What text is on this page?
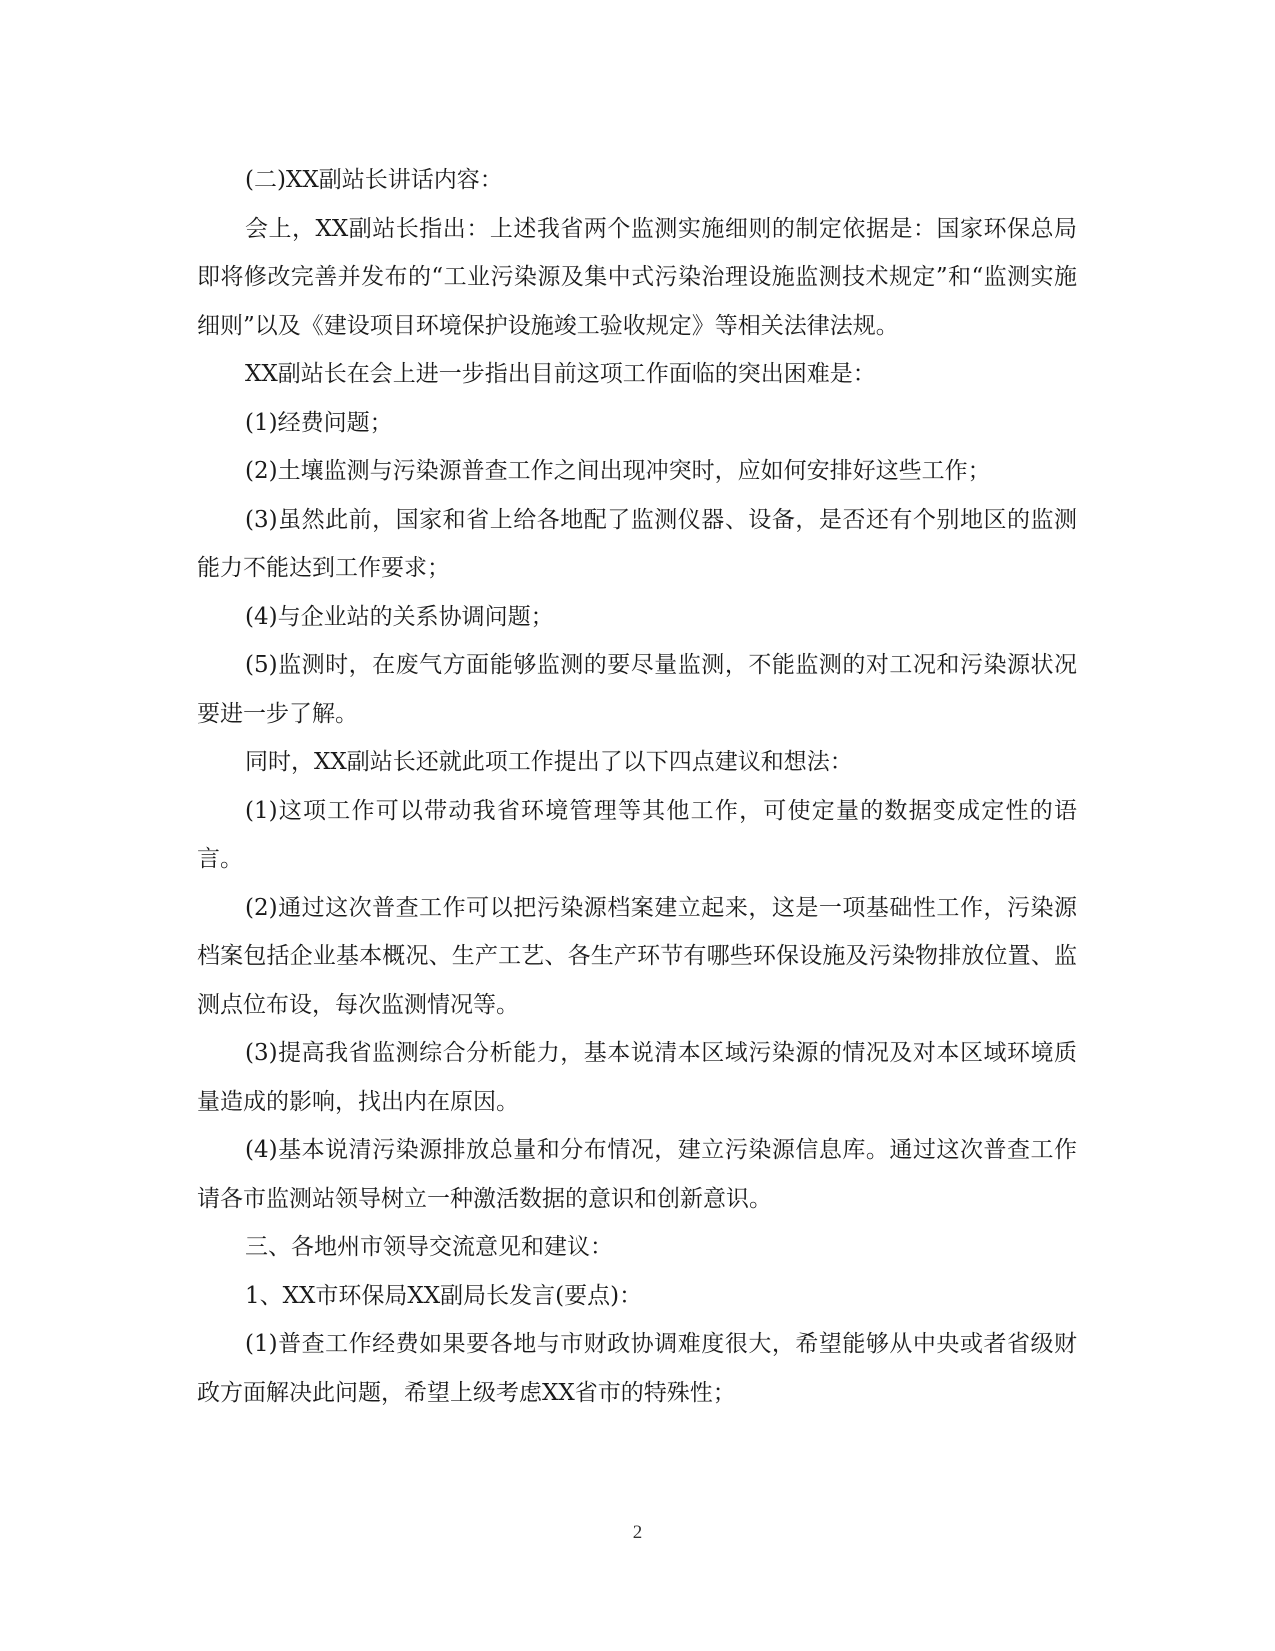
(二)XX副站长讲话内容：

会上，XX副站长指出：上述我省两个监测实施细则的制定依据是：国家环保总局即将修改完善并发布的“工业污染源及集中式污染治理设施监测技术规定”和“监测实施细则”以及《建设项目环境保护设施竣工验收规定》等相关法律法规。

XX副站长在会上进一步指出目前这项工作面临的突出困难是：

(1)经费问题；

(2)土壤监测与污染源普查工作之间出现冲突时，应如何安排好这些工作；

(3)虽然此前，国家和省上给各地配了监测仪器、设备，是否还有个别地区的监测能力不能达到工作要求；

(4)与企业站的关系协调问题；

(5)监测时，在废气方面能够监测的要尽量监测，不能监测的对工况和污染源状况要进一步了解。

同时，XX副站长还就此项工作提出了以下四点建议和想法：

(1)这项工作可以带动我省环境管理等其他工作，可使定量的数据变成定性的语言。

(2)通过这次普查工作可以把污染源档案建立起来，这是一项基础性工作，污染源档案包括企业基本概况、生产工艺、各生产环节有哪些环保设施及污染物排放位置、监测点位布设，每次监测情况等。

(3)提高我省监测综合分析能力，基本说清本区域污染源的情况及对本区域环境质量造成的影响，找出内在原因。

(4)基本说清污染源排放总量和分布情况，建立污染源信息库。通过这次普查工作请各市监测站领导树立一种激活数据的意识和创新意识。

三、各地州市领导交流意见和建议：

1、XX市环保局XX副局长发言(要点)：

(1)普查工作经费如果要各地与市财政协调难度很大，希望能够从中央或者省级财政方面解决此问题，希望上级考虑XX省市的特殊性；

2
